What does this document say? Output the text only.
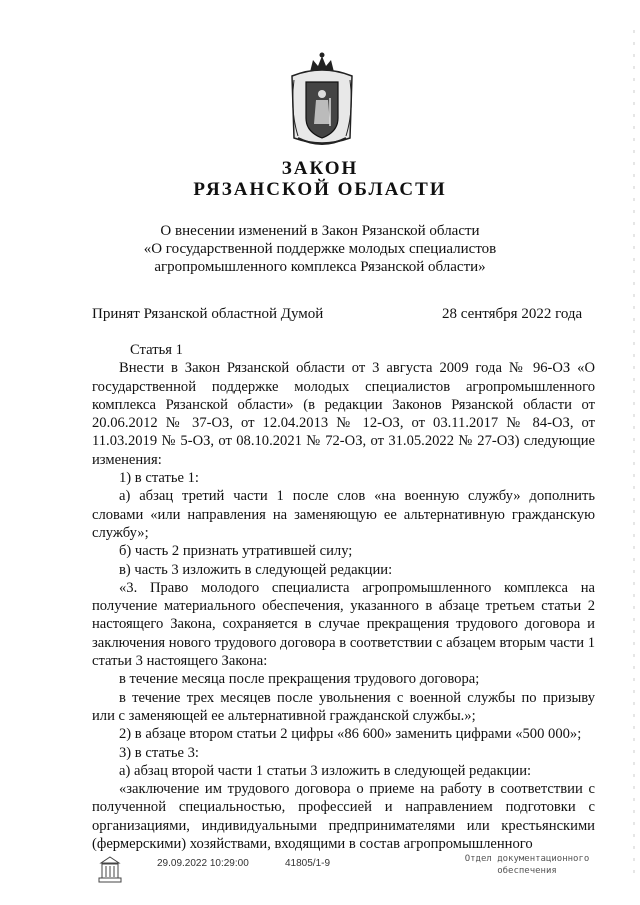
ЗАКОН
РЯЗАНСКОЙ ОБЛАСТИ
О внесении изменений в Закон Рязанской области
«О государственной поддержке молодых специалистов
агропромышленного комплекса Рязанской области»
Принят Рязанской областной Думой	28 сентября 2022 года

Статья 1

Внести в Закон Рязанской области от 3 августа 2009 года № 96-ОЗ «О государственной поддержке молодых специалистов агропромышленного комплекса Рязанской области» (в редакции Законов Рязанской области от 20.06.2012 № 37-ОЗ, от 12.04.2013 № 12-ОЗ, от 03.11.2017 № 84-ОЗ, от 11.03.2019 № 5-ОЗ, от 08.10.2021 № 72-ОЗ, от 31.05.2022 № 27-ОЗ) следующие изменения:

1) в статье 1:

а) абзац третий части 1 после слов «на военную службу» дополнить словами «или направления на заменяющую ее альтернативную гражданскую службу»;

б) часть 2 признать утратившей силу;

в) часть 3 изложить в следующей редакции:

«3. Право молодого специалиста агропромышленного комплекса на получение материального обеспечения, указанного в абзаце третьем статьи 2 настоящего Закона, сохраняется в случае прекращения трудового договора и заключения нового трудового договора в соответствии с абзацем вторым части 1 статьи 3 настоящего Закона:

в течение месяца после прекращения трудового договора;

в течение трех месяцев после увольнения с военной службы по призыву или с заменяющей ее альтернативной гражданской службы.»;

2) в абзаце втором статьи 2 цифры «86 600» заменить цифрами «500 000»;

3) в статье 3:

а) абзац второй части 1 статьи 3 изложить в следующей редакции:

«заключение им трудового договора о приеме на работу в соответствии с полученной специальностью, профессией и направлением подготовки с организациями, индивидуальными предпринимателями или крестьянскими (фермерскими) хозяйствами, входящими в состав агропромышленного

29.09.2022 10:29:00	41805/1-9	Отдел документационного
обеспечения
